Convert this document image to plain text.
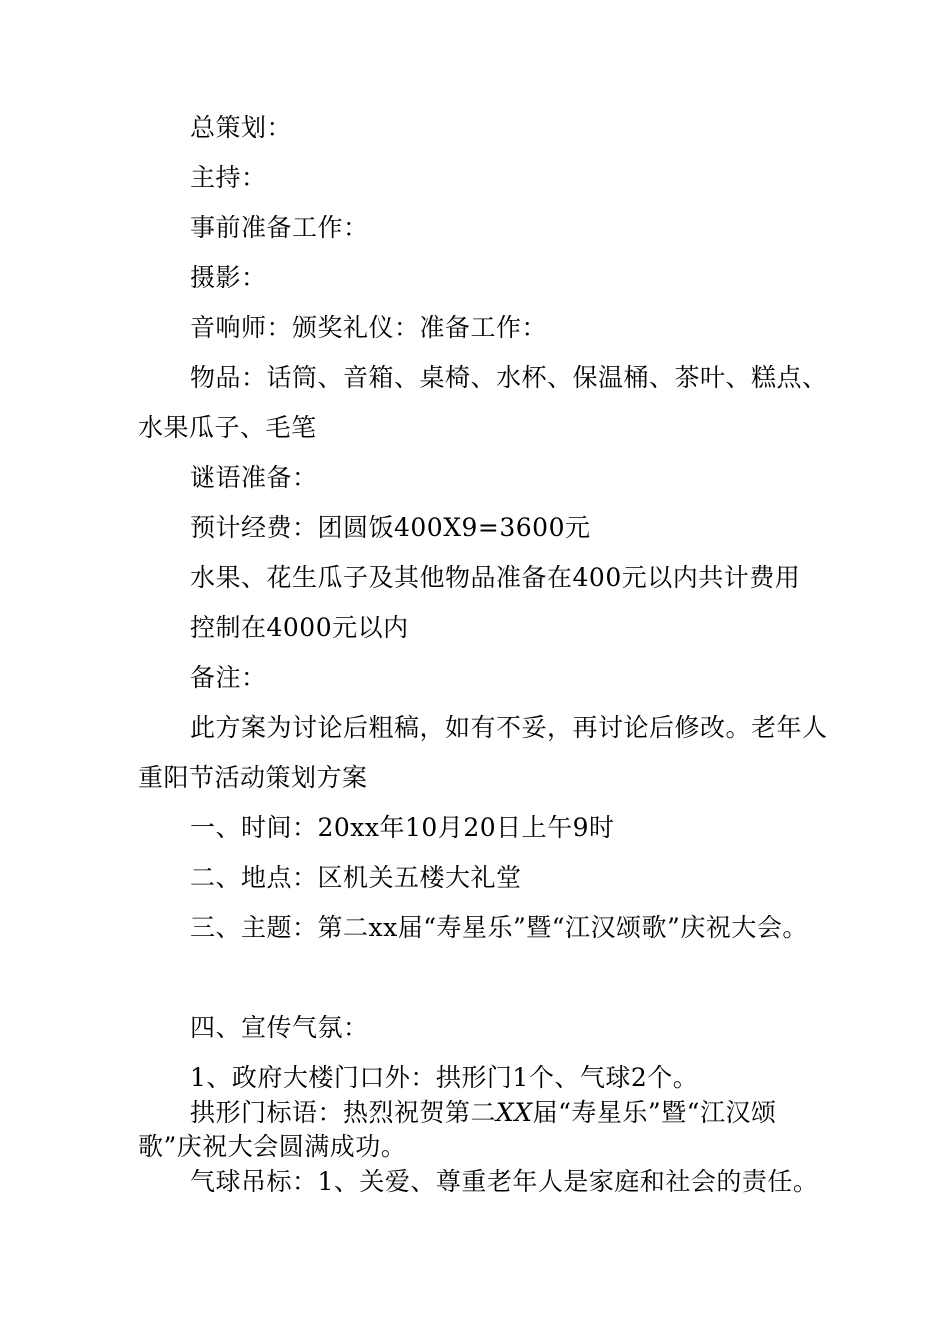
总策划：

主持：

事前准备工作：

摄影：

音响师：颁奖礼仪：准备工作：

物品：话筒、音箱、桌椅、水杯、保温桶、茶叶、糕点、水果瓜子、毛笔

谜语准备：

预计经费：团圆饭400X9=3600元

水果、花生瓜子及其他物品准备在400元以内共计费用

控制在4000元以内

备注：

此方案为讨论后粗稿，如有不妥，再讨论后修改。老年人重阳节活动策划方案

一、时间：20xx年10月20日上午9时

二、地点：区机关五楼大礼堂

三、主题：第二xx届“寿星乐”暨“江汉颂歌”庆祝大会。

四、宣传气氛：

1、政府大楼门口外：拱形门1个、气球2个。

拱形门标语：热烈祝贺第二XX届“寿星乐”暨“江汉颂歌”庆祝大会圆满成功。

气球吊标：1、关爱、尊重老年人是家庭和社会的责任。
